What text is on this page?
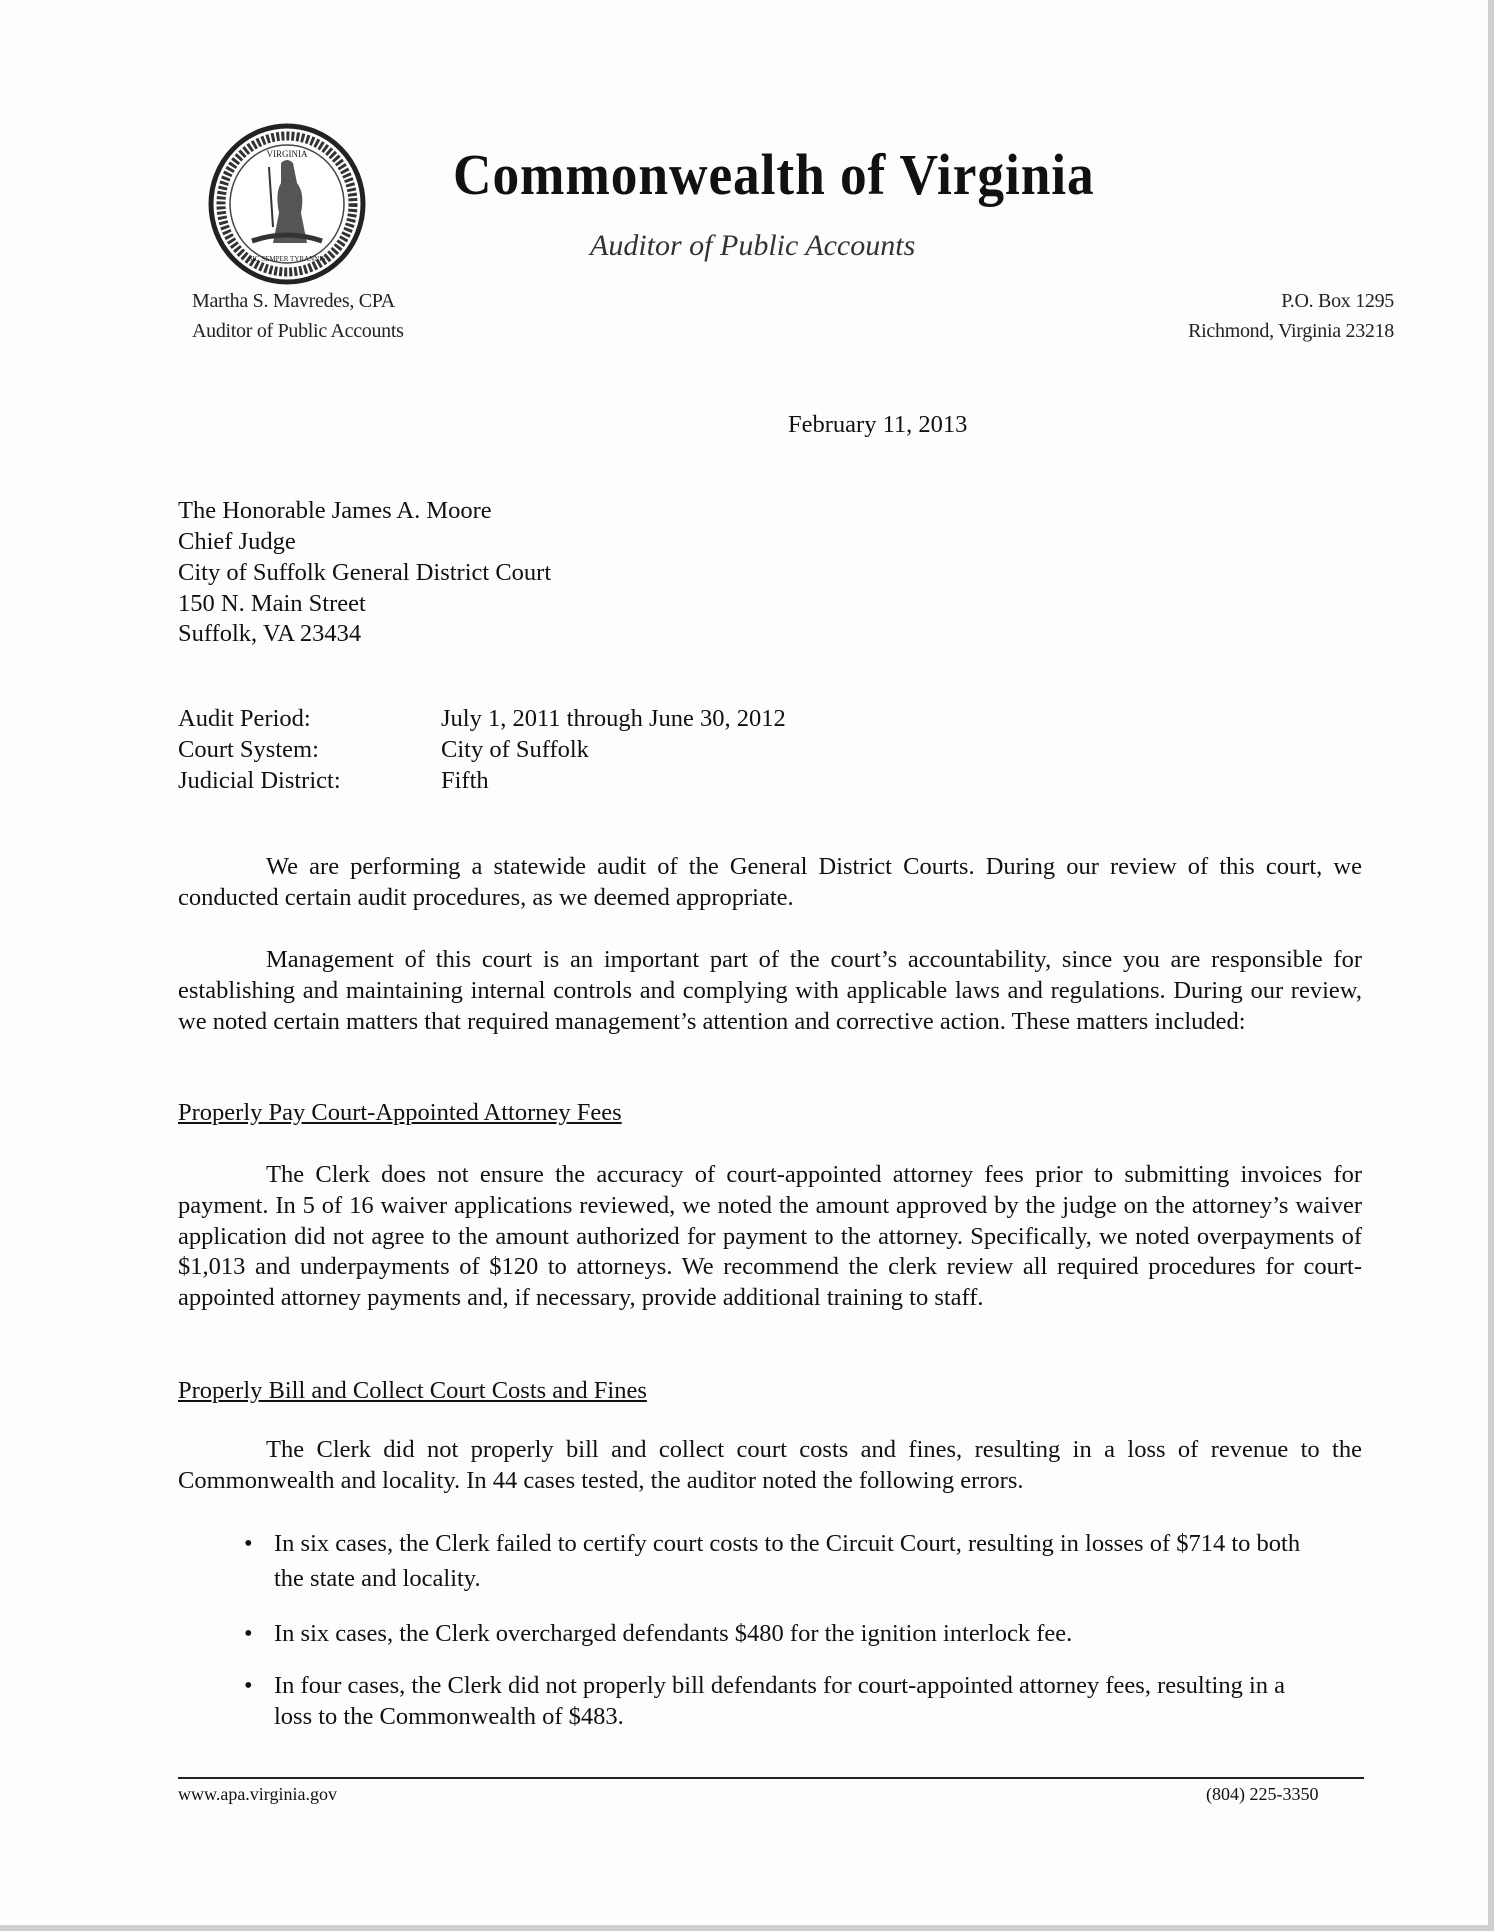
VIRGINIA
SIC SEMPER TYRANNIS
Commonwealth of Virginia
Auditor of Public Accounts
Martha S. Mavredes, CPA
Auditor of Public Accounts
P.O. Box 1295
Richmond, Virginia 23218
February 11, 2013
The Honorable James A. Moore
Chief Judge
City of Suffolk General District Court
150 N. Main Street
Suffolk, VA 23434
Audit Period:	July 1, 2011 through June 30, 2012
Court System:	City of Suffolk
Judicial District:	Fifth

We are performing a statewide audit of the General District Courts. During our review of this court, we conducted certain audit procedures, as we deemed appropriate.

Management of this court is an important part of the court’s accountability, since you are responsible for establishing and maintaining internal controls and complying with applicable laws and regulations. During our review, we noted certain matters that required management’s attention and corrective action. These matters included:

Properly Pay Court-Appointed Attorney Fees

The Clerk does not ensure the accuracy of court-appointed attorney fees prior to submitting invoices for payment. In 5 of 16 waiver applications reviewed, we noted the amount approved by the judge on the attorney’s waiver application did not agree to the amount authorized for payment to the attorney. Specifically, we noted overpayments of $1,013 and underpayments of $120 to attorneys. We recommend the clerk review all required procedures for court-appointed attorney payments and, if necessary, provide additional training to staff.

Properly Bill and Collect Court Costs and Fines

The Clerk did not properly bill and collect court costs and fines, resulting in a loss of revenue to the Commonwealth and locality. In 44 cases tested, the auditor noted the following errors.

• In six cases, the Clerk failed to certify court costs to the Circuit Court, resulting in losses of $714 to both the state and locality.
• In six cases, the Clerk overcharged defendants $480 for the ignition interlock fee.
• In four cases, the Clerk did not properly bill defendants for court-appointed attorney fees, resulting in a loss to the Commonwealth of $483.
www.apa.virginia.gov	(804) 225-3350
